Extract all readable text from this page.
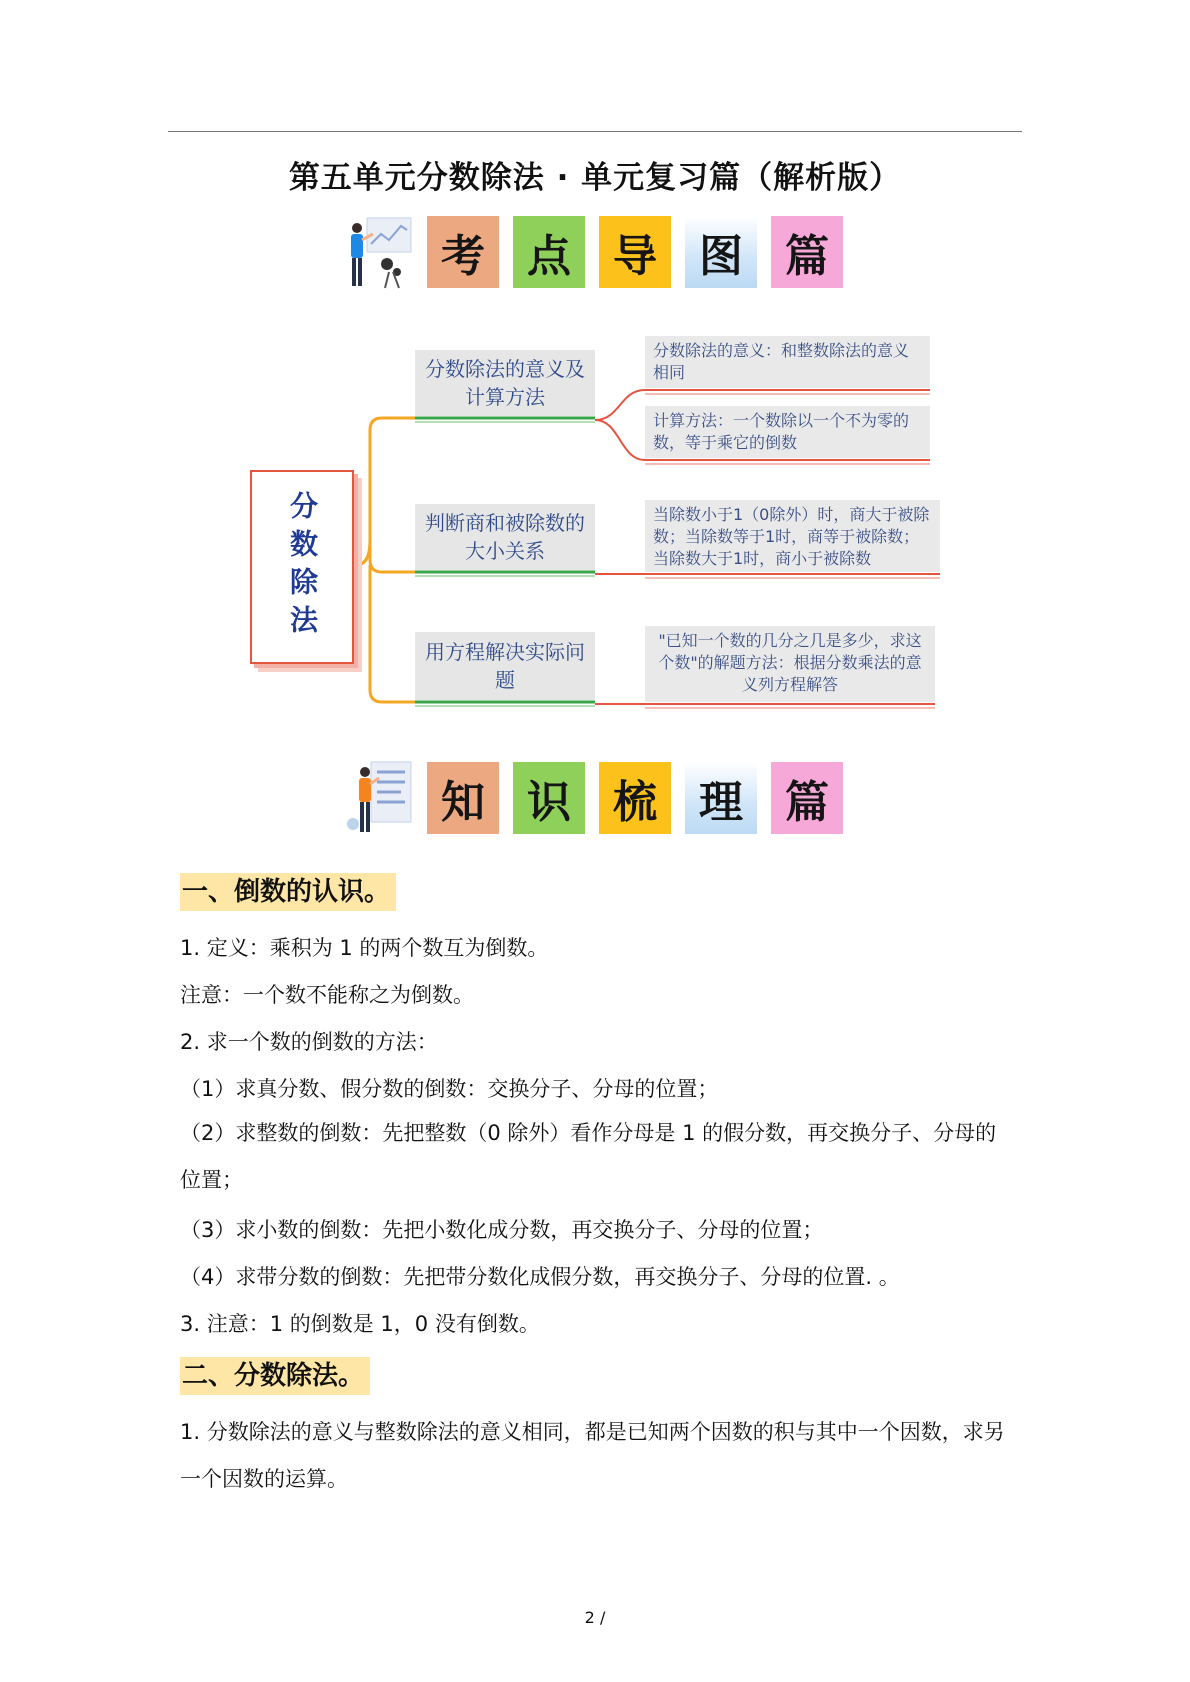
第五单元分数除法 · 单元复习篇（解析版）
考 点 导 图 篇
分数除法
分数除法的意义及计算方法
判断商和被除数的大小关系
用方程解决实际问题
分数除法的意义：和整数除法的意义相同
计算方法：一个数除以一个不为零的数，等于乘它的倒数
当除数小于1（0除外）时，商大于被除数；当除数等于1时，商等于被除数；当除数大于1时，商小于被除数
"已知一个数的几分之几是多少，求这个数"的解题方法：根据分数乘法的意义列方程解答
知 识 梳 理 篇
一、倒数的认识。
1. 定义：乘积为 1 的两个数互为倒数。
注意：一个数不能称之为倒数。
2. 求一个数的倒数的方法：
（1）求真分数、假分数的倒数：交换分子、分母的位置；
（2）求整数的倒数：先把整数（0 除外）看作分母是 1 的假分数，再交换分子、分母的位置；
（3）求小数的倒数：先把小数化成分数，再交换分子、分母的位置；
（4）求带分数的倒数：先把带分数化成假分数，再交换分子、分母的位置. 。
3. 注意：1 的倒数是 1，0 没有倒数。
二、分数除法。
1. 分数除法的意义与整数除法的意义相同，都是已知两个因数的积与其中一个因数，求另一个因数的运算。
2 /
